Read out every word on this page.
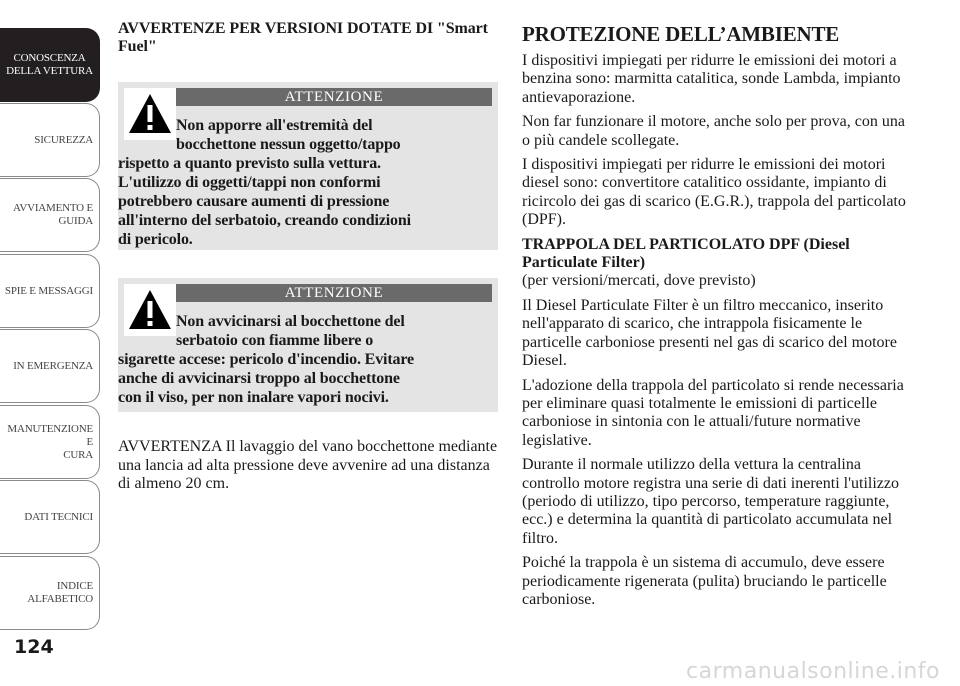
CONOSCENZA
DELLA VETTURA
SICUREZZA
AVVIAMENTO E
GUIDA
SPIE E MESSAGGI
IN EMERGENZA
MANUTENZIONE E
CURA
DATI TECNICI
INDICE
ALFABETICO
124
AVVERTENZE PER VERSIONI DOTATE DI "Smart Fuel"
ATTENZIONE
Non apporre all'estremità del
bocchettone nessun oggetto/tappo
rispetto a quanto previsto sulla vettura.
L'utilizzo di oggetti/tappi non conformi
potrebbero causare aumenti di pressione
all'interno del serbatoio, creando condizioni
di pericolo.
ATTENZIONE
Non avvicinarsi al bocchettone del
serbatoio con fiamme libere o
sigarette accese: pericolo d'incendio. Evitare
anche di avvicinarsi troppo al bocchettone
con il viso, per non inalare vapori nocivi.
AVVERTENZA Il lavaggio del vano bocchettone mediante una lancia ad alta pressione deve avvenire ad una distanza di almeno 20 cm.
PROTEZIONE DELL’AMBIENTE

I dispositivi impiegati per ridurre le emissioni dei motori a benzina sono: marmitta catalitica, sonde Lambda, impianto antievaporazione.

Non far funzionare il motore, anche solo per prova, con una o più candele scollegate.

I dispositivi impiegati per ridurre le emissioni dei motori diesel sono: convertitore catalitico ossidante, impianto di ricircolo dei gas di scarico (E.G.R.), trappola del particolato (DPF).

TRAPPOLA DEL PARTICOLATO DPF (Diesel Particulate Filter)

(per versioni/mercati, dove previsto)

Il Diesel Particulate Filter è un filtro meccanico, inserito nell'apparato di scarico, che intrappola fisicamente le particelle carboniose presenti nel gas di scarico del motore Diesel.

L'adozione della trappola del particolato si rende necessaria per eliminare quasi totalmente le emissioni di particelle carboniose in sintonia con le attuali/future normative legislative.

Durante il normale utilizzo della vettura la centralina controllo motore registra una serie di dati inerenti l'utilizzo (periodo di utilizzo, tipo percorso, temperature raggiunte, ecc.) e determina la quantità di particolato accumulata nel filtro.

Poiché la trappola è un sistema di accumulo, deve essere periodicamente rigenerata (pulita) bruciando le particelle carboniose.

carmanualsonline.info
